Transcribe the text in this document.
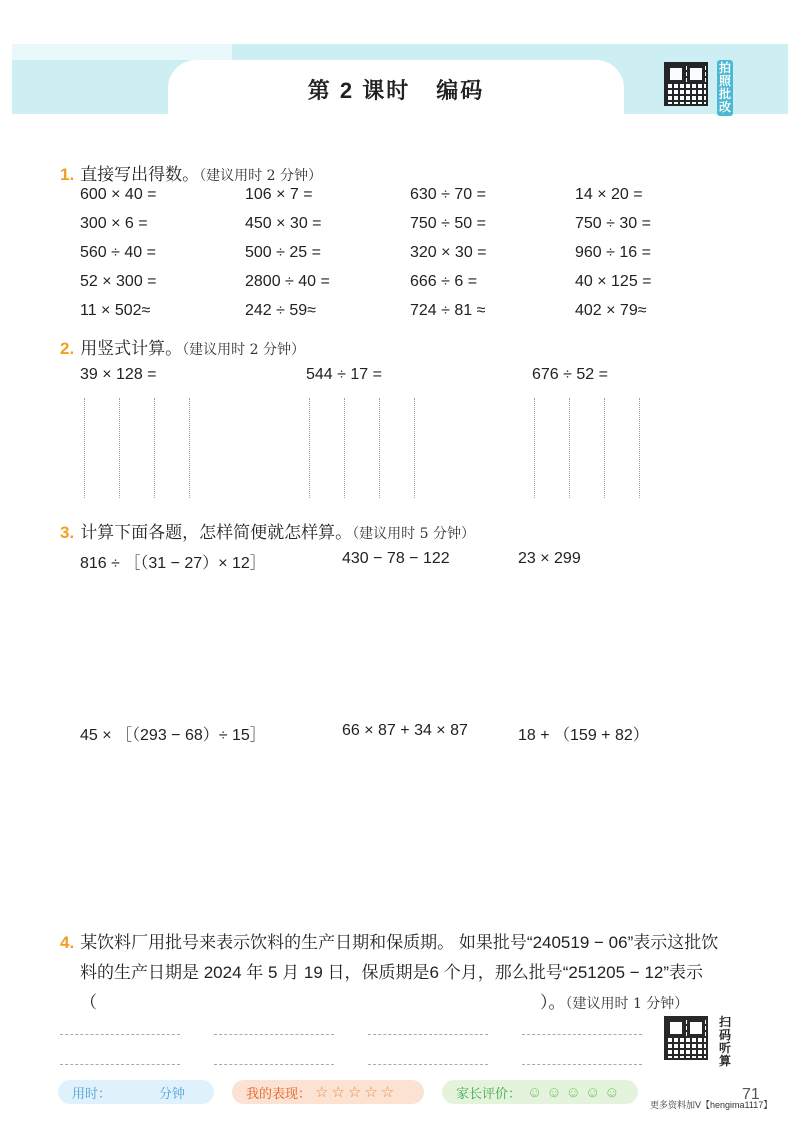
第 2 课时 编码
拍
照
批
改
1. 直接写出得数。（建议用时 2 分钟）
600 × 40 =	106 × 7 =	630 ÷ 70 =	14 × 20 =
300 × 6 =	450 × 30 =	750 ÷ 50 =	750 ÷ 30 =
560 ÷ 40 =	500 ÷ 25 =	320 × 30 =	960 ÷ 16 =
52 × 300 =	2800 ÷ 40 =	666 ÷ 6 =	40 × 125 =
11 × 502≈	242 ÷ 59≈	724 ÷ 81 ≈	402 × 79≈
2. 用竖式计算。（建议用时 2 分钟）
39 × 128 =	544 ÷ 17 =	676 ÷ 52 =
3. 计算下面各题，怎样简便就怎样算。（建议用时 5 分钟）
816 ÷ ［（31 − 27）× 12］	430 − 78 − 122	23 × 299
45 × ［（293 − 68）÷ 15］	66 × 87 + 34 × 87	18 + （159 + 82）
4. 某饮料厂用批号来表示饮料的生产日期和保质期。 如果批号“240519 − 06”表示这批饮
料的生产日期是 2024 年 5 月 19 日，保质期是6 个月，那么批号“251205 − 12”表示
（	）。（建议用时 1 分钟）
扫
码
听
算
用时：	分钟	我的表现： ☆☆☆☆☆	家长评价： ☺☺☺☺☺
更多资料加V【hengima1117】
71
